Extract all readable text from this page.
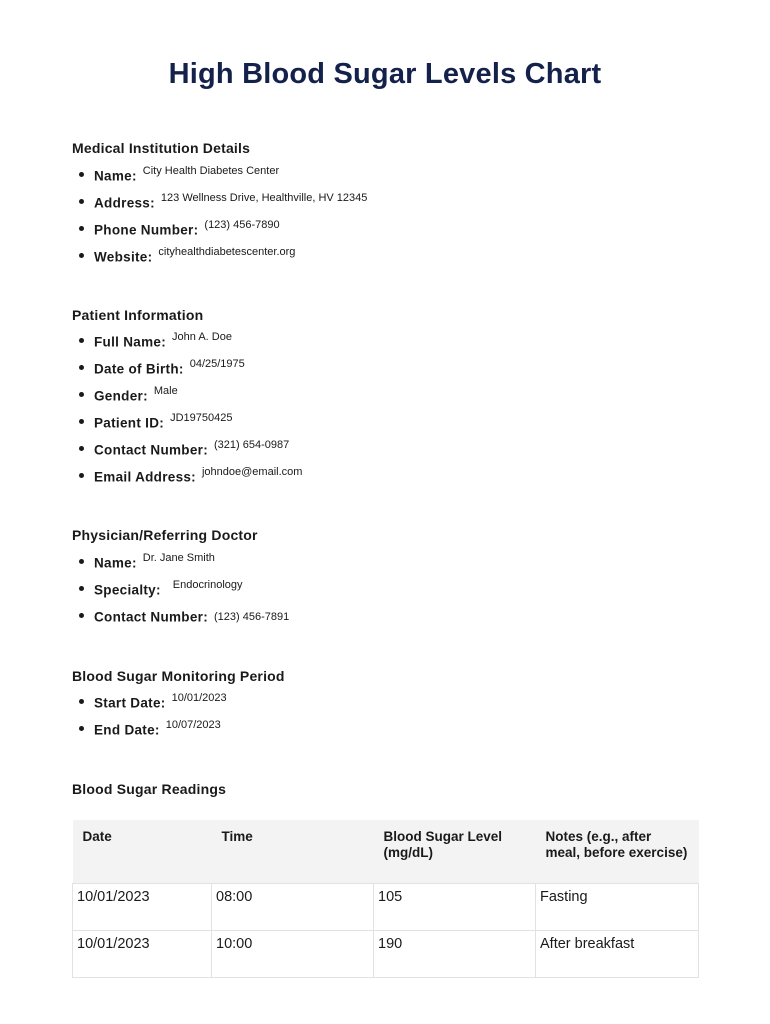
High Blood Sugar Levels Chart
Medical Institution Details
Name: $^{City Health Diabetes Center}$
Address: $^{123 Wellness Drive, Healthville, HV 12345}$
Phone Number: $^{(123) 456-7890}$
Website: $^{cityhealthdiabetescenter.org}$
Patient Information
Full Name: $^{John A. Doe}$
Date of Birth: $^{04/25/1975}$
Gender: $^{Male}$
Patient ID: $^{JD19750425}$
Contact Number: $^{(321) 654-0987}$
Email Address: $^{johndoe@email.com}$
Physician/Referring Doctor
Name: $^{Dr. Jane Smith}$
Specialty: $^{Endocrinology}$
Contact Number: (123) 456-7891
Blood Sugar Monitoring Period
Start Date: $^{10/01/2023}$
End Date: $^{10/07/2023}$
Blood Sugar Readings
Date	Time	Blood Sugar Level (mg/dL)	Notes (e.g., after meal, before exercise)
10/01/2023	08:00	105	Fasting
10/01/2023	10:00	190	After breakfast
